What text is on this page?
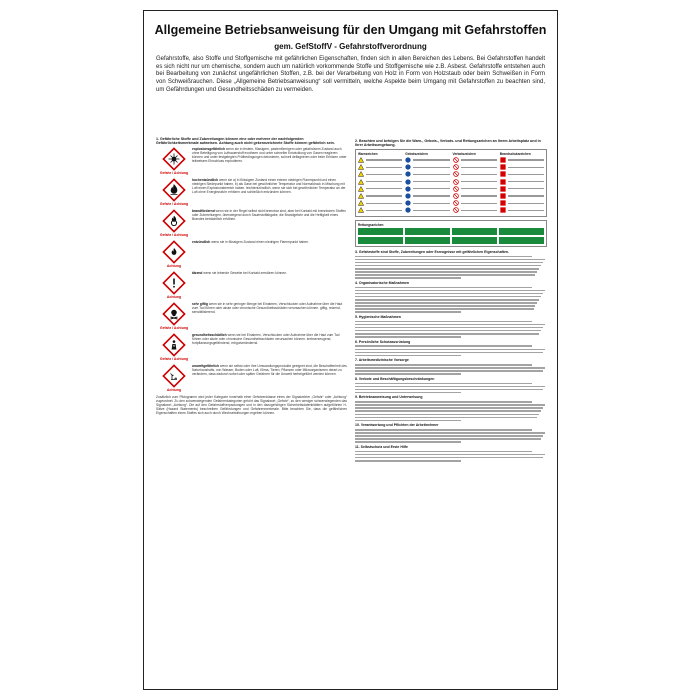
Allgemeine Betriebsanweisung für den Umgang mit Gefahrstoffen
gem. GefStoffV - Gefahrstoffverordnung
Gefahrstoffe, also Stoffe und Stoffgemische mit gefährlichen Eigenschaften, finden sich in allen Bereichen des Lebens. Bei Gefahrstoffen handelt es sich nicht nur um chemische, sondern auch um natürlich vorkommende Stoffe und Stoffgemische wie z.B. Asbest. Gefahrstoffe entstehen auch bei Bearbeitung von zunächst ungefährlichen Stoffen, z.B. bei der Verarbeitung von Holz in Form von Holzstaub oder beim Schweißen in Form von Schweißrauchen. Diese „Allgemeine Betriebsanweisung“ soll vermitteln, welche Aspekte beim Umgang mit Gefahrstoffen zu beachten sind, um Gefährdungen und Gesundheitsschäden zu vermeiden.
1. Gefährliche Stoffe und Zubereitungen können eine oder mehrere der nachfolgenden Gefährlichkeitsmerkmale aufweisen. Achtung auch nicht gekennzeichnete Stoffe können gefährlich sein.
Gefahr / Achtung
explosionsgefährlich wenn sie in festem, flüssigem, pastenförmigem oder gelatinösem Zustand auch ohne Beteiligung von Luftsauerstoff exotherm und unter schneller Entwicklung von Gasen reagieren können und unter festgelegten Prüfbedingungen detonieren, schnell deflagrieren oder beim Erhitzen unter teilweisem Einschluss explodieren.
Gefahr / Achtung
hochentzündlich wenn sie a) in flüssigem Zustand einen extrem niedrigen Flammpunkt und einen niedrigen Siedepunkt haben, b) als Gase bei gewöhnlicher Temperatur und Normaldruck in Mischung mit Luft einen Explosionsbereich haben. leichtentzündlich, wenn sie sich bei gewöhnlicher Temperatur an der Luft ohne Energiezufuhr erhitzen und schließlich entzünden können.
Gefahr / Achtung
brandfördernd wenn sie in der Regel selbst nicht brennbar sind, aber bei Kontakt mit brennbaren Stoffen oder Zubereitungen, überwiegend durch Sauerstoffabgabe, die Brandgefahr und die Heftigkeit eines Brandes beträchtlich erhöhen.
Achtung
entzündlich wenn sie in flüssigem Zustand einen niedrigen Flammpunkt haben.
Achtung
ätzend wenn sie lebende Gewebe bei Kontakt zerstören können.
Gefahr / Achtung
sehr giftig wenn sie in sehr geringer Menge bei Einatmen, Verschlucken oder Aufnahme über die Haut zum Tod führen oder akute oder chronische Gesundheitsschäden verursachen können. giftig, reizend, sensibilisierend.
Gefahr / Achtung
gesundheitsschädlich wenn sie bei Einatmen, Verschlucken oder Aufnahme über die Haut zum Tod führen oder akute oder chronische Gesundheitsschäden verursachen können. krebserzeugend, fortpflanzungsgefährdend, erbgutverändernd.
Achtung
umweltgefährlich wenn sie selbst oder ihre Umwandlungsprodukte geeignet sind, die Beschaffenheit des Naturhaushalts, von Wasser, Boden oder Luft, Klima, Tieren, Pflanzen oder Mikroorganismen derart zu verändern, dass dadurch sofort oder später Gefahren für die Umwelt herbeigeführt werden können.
Zusätzlich zum Piktogramm wird jeder Kategorie innerhalb einer Gefahrenklasse eines der Signalwörter „Gefahr“ oder „Achtung“ zugeordnet. Zu den schwerwiegenden Gefahrenkategorien gehört das Signalwort „Gefahr“, zu den weniger schwerwiegenden das Signalwort „Achtung“. Die auf den Gefahrstoffverpackungen und in den dazugehörigen Sicherheitsdatenblättern aufgeführten H-Sätze (Hazard Statements) beschreiben Gefährdungen und Gefahrenmerkmale. Bitte beachten Sie, dass die gefährlichen Eigenschaften eines Stoffes sich auch durch Wechselwirkungen ergeben können.
2. Beachten und befolgen Sie die Warn-, Gebots-, Verbots- und Rettungszeichen an Ihrem Arbeitsplatz und in Ihrer Arbeitsumgebung.
Warnzeichen	Gebotszeichen	Verbotszeichen	Brandschutzzeichen
Rettungszeichen
3. Gefahrstoffe sind Stoffe, Zubereitungen oder Erzeugnisse mit gefährlichen Eigenschaften.
4. Organisatorische Maßnahmen
5. Hygienische Maßnahmen
6. Persönliche Schutzausrüstung
7. Arbeitsmedizinische Vorsorge
8. Verbote und Beschäftigungsbeschränkungen
9. Betriebsanweisung und Unterweisung
10. Verantwortung und Pflichten der Arbeitnehmer
11. Selbstschutz und Erste Hilfe
